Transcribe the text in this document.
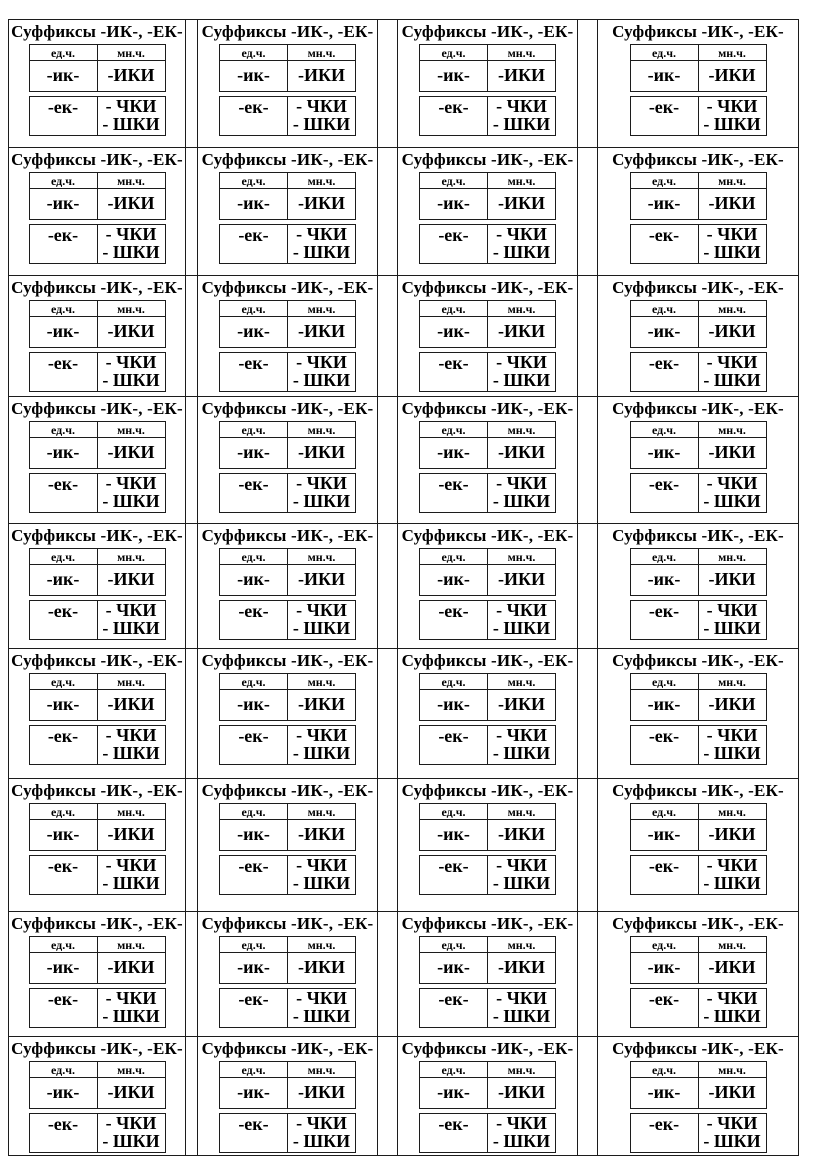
Суффиксы -ИК-, -ЕК-
ед.ч.	мн.ч.
-ик-	-ИКИ
-ек-	- ЧКИ
- ШКИ

Суффиксы -ИК-, -ЕК-
ед.ч.	мн.ч.
-ик-	-ИКИ
-ек-	- ЧКИ
- ШКИ

Суффиксы -ИК-, -ЕК-
ед.ч.	мн.ч.
-ик-	-ИКИ
-ек-	- ЧКИ
- ШКИ

Суффиксы -ИК-, -ЕК-
ед.ч.	мн.ч.
-ик-	-ИКИ
-ек-	- ЧКИ
- ШКИ

Суффиксы -ИК-, -ЕК-
ед.ч.	мн.ч.
-ик-	-ИКИ
-ек-	- ЧКИ
- ШКИ

Суффиксы -ИК-, -ЕК-
ед.ч.	мн.ч.
-ик-	-ИКИ
-ек-	- ЧКИ
- ШКИ

Суффиксы -ИК-, -ЕК-
ед.ч.	мн.ч.
-ик-	-ИКИ
-ек-	- ЧКИ
- ШКИ

Суффиксы -ИК-, -ЕК-
ед.ч.	мн.ч.
-ик-	-ИКИ
-ек-	- ЧКИ
- ШКИ

Суффиксы -ИК-, -ЕК-
ед.ч.	мн.ч.
-ик-	-ИКИ
-ек-	- ЧКИ
- ШКИ

Суффиксы -ИК-, -ЕК-
ед.ч.	мн.ч.
-ик-	-ИКИ
-ек-	- ЧКИ
- ШКИ

Суффиксы -ИК-, -ЕК-
ед.ч.	мн.ч.
-ик-	-ИКИ
-ек-	- ЧКИ
- ШКИ

Суффиксы -ИК-, -ЕК-
ед.ч.	мн.ч.
-ик-	-ИКИ
-ек-	- ЧКИ
- ШКИ

Суффиксы -ИК-, -ЕК-
ед.ч.	мн.ч.
-ик-	-ИКИ
-ек-	- ЧКИ
- ШКИ

Суффиксы -ИК-, -ЕК-
ед.ч.	мн.ч.
-ик-	-ИКИ
-ек-	- ЧКИ
- ШКИ

Суффиксы -ИК-, -ЕК-
ед.ч.	мн.ч.
-ик-	-ИКИ
-ек-	- ЧКИ
- ШКИ

Суффиксы -ИК-, -ЕК-
ед.ч.	мн.ч.
-ик-	-ИКИ
-ек-	- ЧКИ
- ШКИ

Суффиксы -ИК-, -ЕК-
ед.ч.	мн.ч.
-ик-	-ИКИ
-ек-	- ЧКИ
- ШКИ

Суффиксы -ИК-, -ЕК-
ед.ч.	мн.ч.
-ик-	-ИКИ
-ек-	- ЧКИ
- ШКИ

Суффиксы -ИК-, -ЕК-
ед.ч.	мн.ч.
-ик-	-ИКИ
-ек-	- ЧКИ
- ШКИ

Суффиксы -ИК-, -ЕК-
ед.ч.	мн.ч.
-ик-	-ИКИ
-ек-	- ЧКИ
- ШКИ

Суффиксы -ИК-, -ЕК-
ед.ч.	мн.ч.
-ик-	-ИКИ
-ек-	- ЧКИ
- ШКИ

Суффиксы -ИК-, -ЕК-
ед.ч.	мн.ч.
-ик-	-ИКИ
-ек-	- ЧКИ
- ШКИ

Суффиксы -ИК-, -ЕК-
ед.ч.	мн.ч.
-ик-	-ИКИ
-ек-	- ЧКИ
- ШКИ

Суффиксы -ИК-, -ЕК-
ед.ч.	мн.ч.
-ик-	-ИКИ
-ек-	- ЧКИ
- ШКИ

Суффиксы -ИК-, -ЕК-
ед.ч.	мн.ч.
-ик-	-ИКИ
-ек-	- ЧКИ
- ШКИ

Суффиксы -ИК-, -ЕК-
ед.ч.	мн.ч.
-ик-	-ИКИ
-ек-	- ЧКИ
- ШКИ

Суффиксы -ИК-, -ЕК-
ед.ч.	мн.ч.
-ик-	-ИКИ
-ек-	- ЧКИ
- ШКИ

Суффиксы -ИК-, -ЕК-
ед.ч.	мн.ч.
-ик-	-ИКИ
-ек-	- ЧКИ
- ШКИ

Суффиксы -ИК-, -ЕК-
ед.ч.	мн.ч.
-ик-	-ИКИ
-ек-	- ЧКИ
- ШКИ

Суффиксы -ИК-, -ЕК-
ед.ч.	мн.ч.
-ик-	-ИКИ
-ек-	- ЧКИ
- ШКИ

Суффиксы -ИК-, -ЕК-
ед.ч.	мн.ч.
-ик-	-ИКИ
-ек-	- ЧКИ
- ШКИ

Суффиксы -ИК-, -ЕК-
ед.ч.	мн.ч.
-ик-	-ИКИ
-ек-	- ЧКИ
- ШКИ

Суффиксы -ИК-, -ЕК-
ед.ч.	мн.ч.
-ик-	-ИКИ
-ек-	- ЧКИ
- ШКИ

Суффиксы -ИК-, -ЕК-
ед.ч.	мн.ч.
-ик-	-ИКИ
-ек-	- ЧКИ
- ШКИ

Суффиксы -ИК-, -ЕК-
ед.ч.	мн.ч.
-ик-	-ИКИ
-ек-	- ЧКИ
- ШКИ

Суффиксы -ИК-, -ЕК-
ед.ч.	мн.ч.
-ик-	-ИКИ
-ек-	- ЧКИ
- ШКИ
